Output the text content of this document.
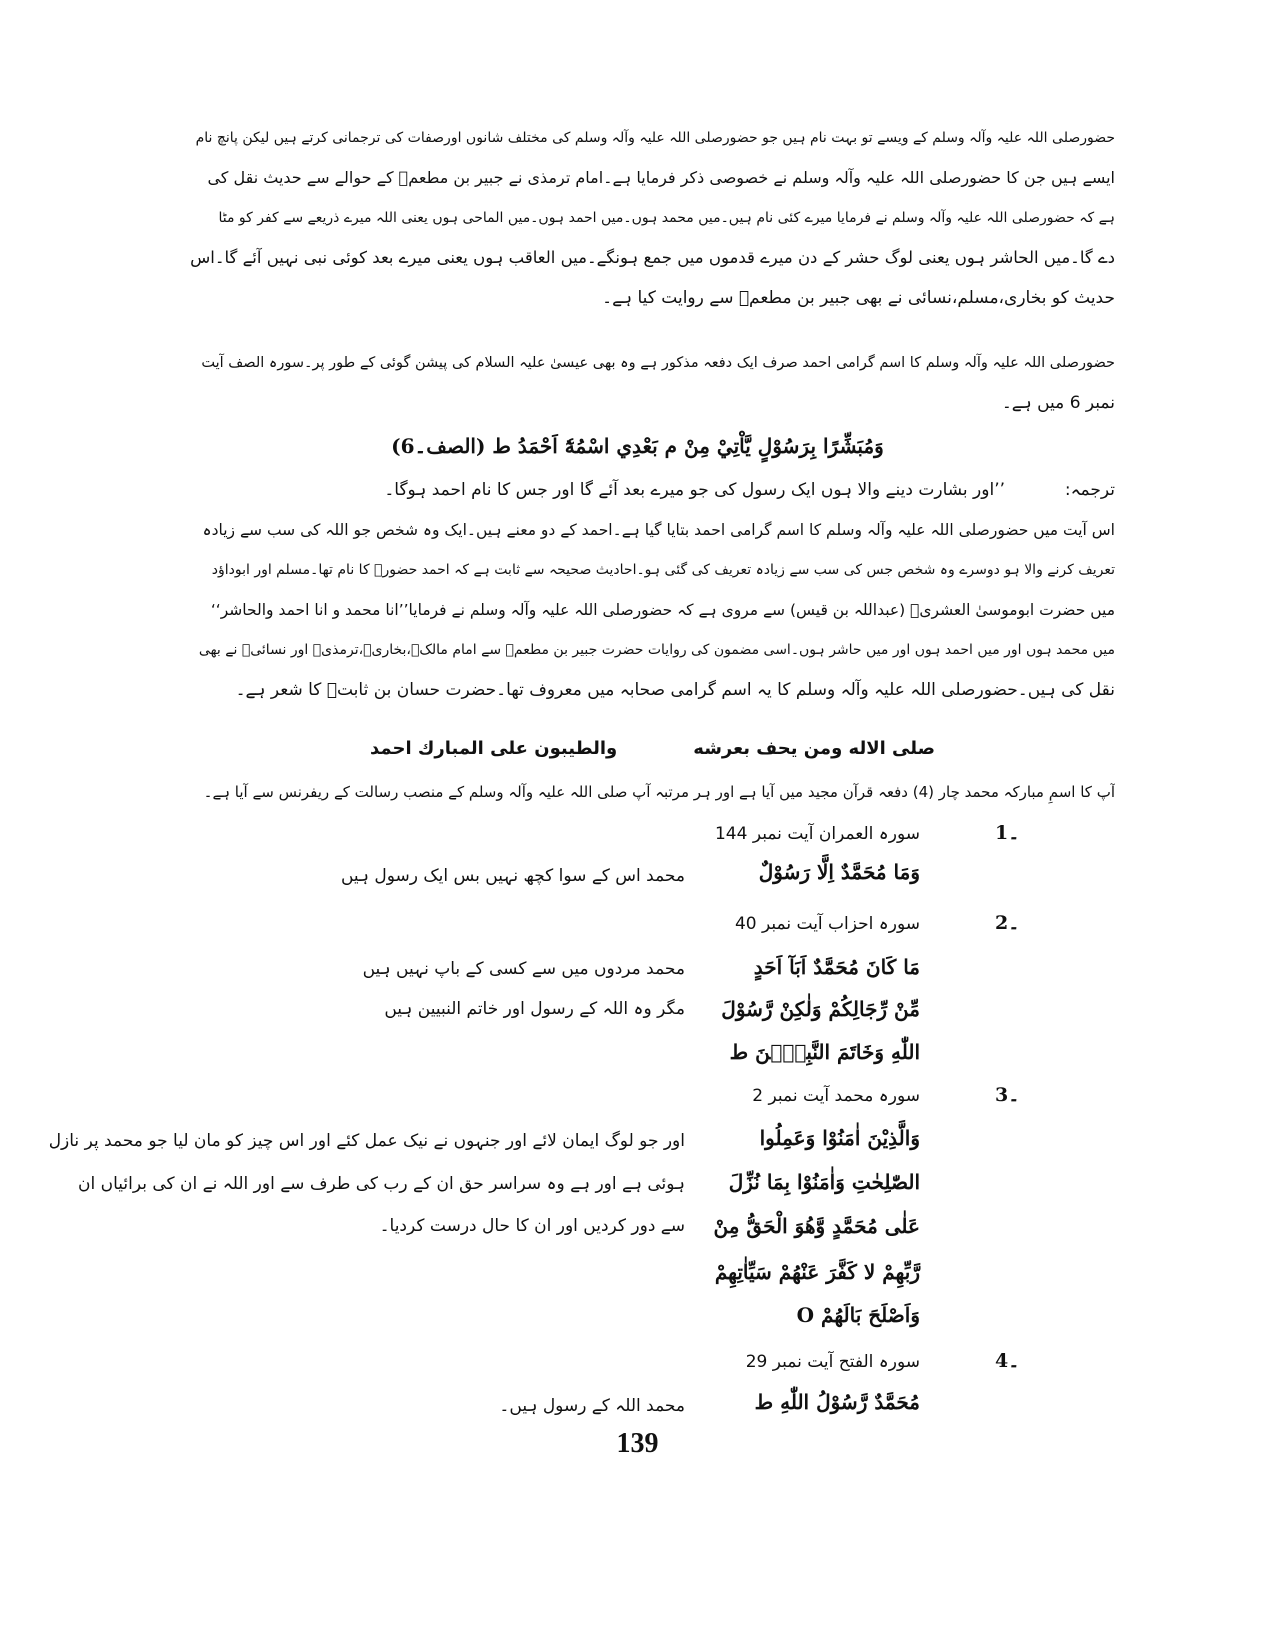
حضورصلی اللہ علیہ وآلہ وسلم کے ویسے تو بہت نام ہیں جو حضورصلی اللہ علیہ وآلہ وسلم کی مختلف شانوں اورصفات کی ترجمانی کرتے ہیں لیکن پانچ نام
ایسے ہیں جن کا حضورصلی اللہ علیہ وآلہ وسلم نے خصوصی ذکر فرمایا ہے۔امام ترمذی نے جبیر بن مطعمؓ کے حوالے سے حدیث نقل کی
ہے کہ حضورصلی اللہ علیہ وآلہ وسلم نے فرمایا میرے کئی نام ہیں۔میں محمد ہوں۔میں احمد ہوں۔میں الماحی ہوں یعنی اللہ میرے ذریعے سے کفر کو مٹا
دے گا۔میں الحاشر ہوں یعنی لوگ حشر کے دن میرے قدموں میں جمع ہونگے۔میں العاقب ہوں یعنی میرے بعد کوئی نبی نہیں آئے گا۔اس
حدیث کو بخاری،مسلم،نسائی نے بھی جبیر بن مطعمؓ سے روایت کیا ہے۔
حضورصلی اللہ علیہ وآلہ وسلم کا اسم گرامی احمد صرف ایک دفعہ مذکور ہے وہ بھی عیسیٰ علیہ السلام کی پیشن گوئی کے طور پر۔سورہ الصف آیت
نمبر 6 میں ہے۔
وَمُبَشِّرًا بِرَسُوْلٍ يَّاْتِيْ مِنْ م بَعْدِي اسْمُهٗٓ اَحْمَدُ ط (الصف۔6)
ترجمہ:
’’اور بشارت دینے والا ہوں ایک رسول کی جو میرے بعد آئے گا اور جس کا نام احمد ہوگا۔
اس آیت میں حضورصلی اللہ علیہ وآلہ وسلم کا اسم گرامی احمد بتایا گیا ہے۔احمد کے دو معنے ہیں۔ایک وہ شخص جو اللہ کی سب سے زیادہ
تعریف کرنے والا ہو دوسرے وہ شخص جس کی سب سے زیادہ تعریف کی گئی ہو۔احادیث صحیحہ سے ثابت ہے کہ احمد حضورؐ کا نام تھا۔مسلم اور ابوداؤد
میں حضرت ابوموسیٰ العشریؓ (عبداللہ بن قیس) سے مروی ہے کہ حضورصلی اللہ علیہ وآلہ وسلم نے فرمایا’’انا محمد و انا احمد والحاشر‘‘
میں محمد ہوں اور میں احمد ہوں اور میں حاشر ہوں۔اسی مضمون کی روایات حضرت جبیر بن مطعمؓ سے امام مالکؒ،بخاریؒ،ترمذیؒ اور نسائیؒ نے بھی
نقل کی ہیں۔حضورصلی اللہ علیہ وآلہ وسلم کا یہ اسم گرامی صحابہ میں معروف تھا۔حضرت حسان بن ثابتؓ کا شعر ہے۔
صلی الاله ومن یحف بعرشه
والطیبون علی المبارك احمد
آپ کا اسمِ مبارکہ محمد چار (4) دفعہ قرآن مجید میں آیا ہے اور ہر مرتبہ آپ صلی اللہ علیہ وآلہ وسلم کے منصب رسالت کے ریفرنس سے آیا ہے۔
1۔
سورہ العمران آیت نمبر 144
وَمَا مُحَمَّدٌ اِلَّا رَسُوْلٌ
محمد اس کے سوا کچھ نہیں بس ایک رسول ہیں
2۔
سورہ احزاب آیت نمبر 40
مَا كَانَ مُحَمَّدٌ اَبَآ اَحَدٍ
مِّنْ رِّجَالِكُمْ وَلٰكِنْ رَّسُوْلَ
اللّٰهِ وَخَاتَمَ النَّبِيّٖنَ ط
محمد مردوں میں سے کسی کے باپ نہیں ہیں
مگر وہ اللہ کے رسول اور خاتم النبیین ہیں
3۔
سورہ محمد آیت نمبر 2
وَالَّذِيْنَ اٰمَنُوْا وَعَمِلُوا
الصّٰلِحٰتِ وَاٰمَنُوْا بِمَا نُزِّلَ
عَلٰى مُحَمَّدٍ وَّهُوَ الْحَقُّ مِنْ
رَّبِّهِمْ لا كَفَّرَ عَنْهُمْ سَيِّاٰتِهِمْ
وَاَصْلَحَ بَالَهُمْ O
اور جو لوگ ایمان لائے اور جنہوں نے نیک عمل کئے اور اس چیز کو مان لیا جو محمد پر نازل
ہوئی ہے اور ہے وہ سراسر حق ان کے رب کی طرف سے اور اللہ نے ان کی برائیاں ان
سے دور کردیں اور ان کا حال درست کردیا۔
4۔
سورہ الفتح آیت نمبر 29
مُحَمَّدٌ رَّسُوْلُ اللّٰهِ ط
محمد اللہ کے رسول ہیں۔
139
